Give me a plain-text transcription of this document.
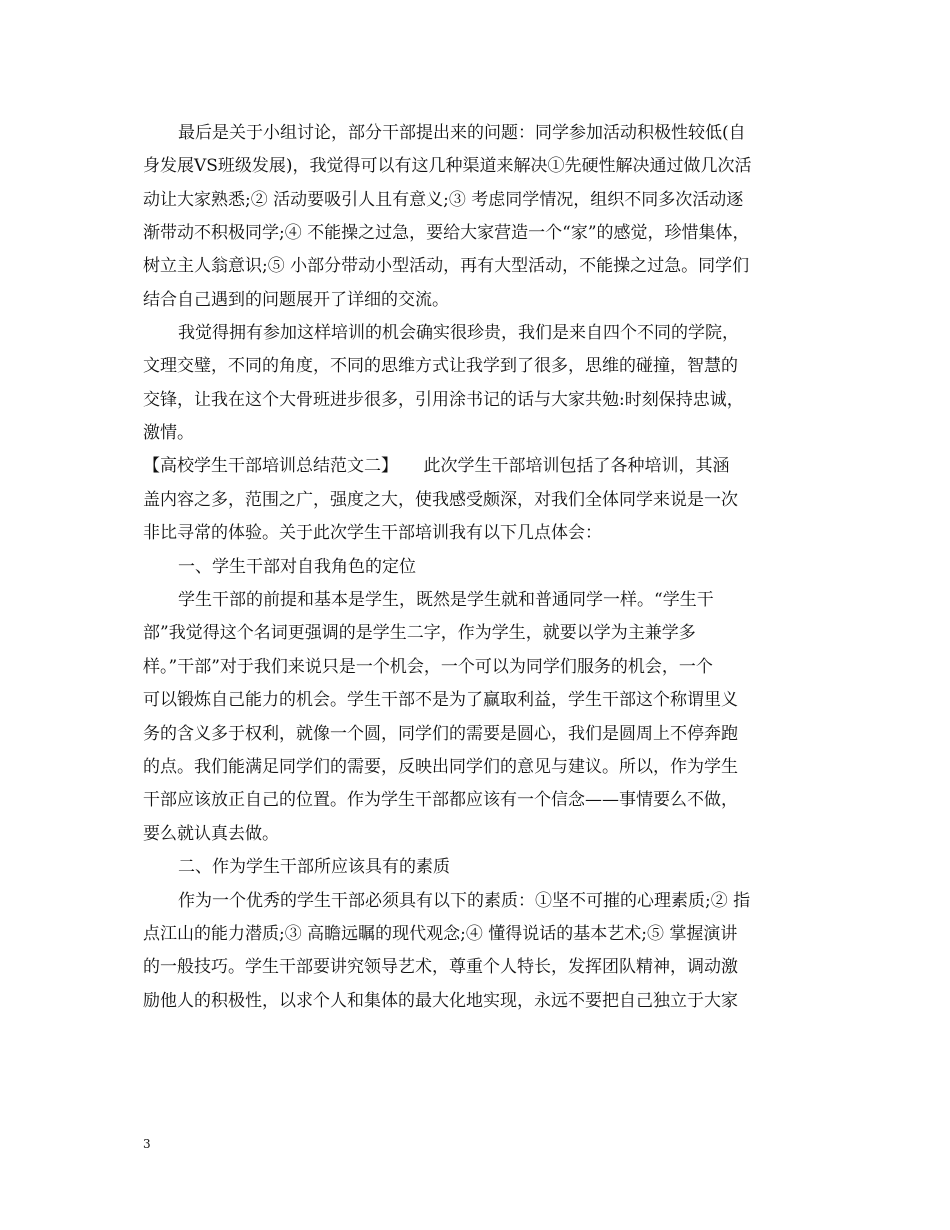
最后是关于小组讨论，部分干部提出来的问题：同学参加活动积极性较低(自
身发展VS班级发展)，我觉得可以有这几种渠道来解决①先硬性解决通过做几次活
动让大家熟悉;② 活动要吸引人且有意义;③ 考虑同学情况，组织不同多次活动逐
渐带动不积极同学;④ 不能操之过急，要给大家营造一个“家”的感觉，珍惜集体，
树立主人翁意识;⑤ 小部分带动小型活动，再有大型活动，不能操之过急。同学们
结合自己遇到的问题展开了详细的交流。
我觉得拥有参加这样培训的机会确实很珍贵，我们是来自四个不同的学院，
文理交璧，不同的角度，不同的思维方式让我学到了很多，思维的碰撞，智慧的
交锋，让我在这个大骨班进步很多，引用涂书记的话与大家共勉:时刻保持忠诚，
激情。
【高校学生干部培训总结范文二】　　此次学生干部培训包括了各种培训，其涵
盖内容之多，范围之广，强度之大，使我感受颇深，对我们全体同学来说是一次
非比寻常的体验。关于此次学生干部培训我有以下几点体会：
一、学生干部对自我角色的定位
学生干部的前提和基本是学生，既然是学生就和普通同学一样。“学生干
部”我觉得这个名词更强调的是学生二字，作为学生，就要以学为主兼学多
样。”干部”对于我们来说只是一个机会，一个可以为同学们服务的机会，一个
可以锻炼自己能力的机会。学生干部不是为了赢取利益，学生干部这个称谓里义
务的含义多于权利，就像一个圆，同学们的需要是圆心，我们是圆周上不停奔跑
的点。我们能满足同学们的需要，反映出同学们的意见与建议。所以，作为学生
干部应该放正自己的位置。作为学生干部都应该有一个信念——事情要么不做，
要么就认真去做。
二、作为学生干部所应该具有的素质
作为一个优秀的学生干部必须具有以下的素质：①坚不可摧的心理素质;② 指
点江山的能力潜质;③ 高瞻远瞩的现代观念;④ 懂得说话的基本艺术;⑤ 掌握演讲
的一般技巧。学生干部要讲究领导艺术，尊重个人特长，发挥团队精神，调动激
励他人的积极性，以求个人和集体的最大化地实现，永远不要把自己独立于大家
3
